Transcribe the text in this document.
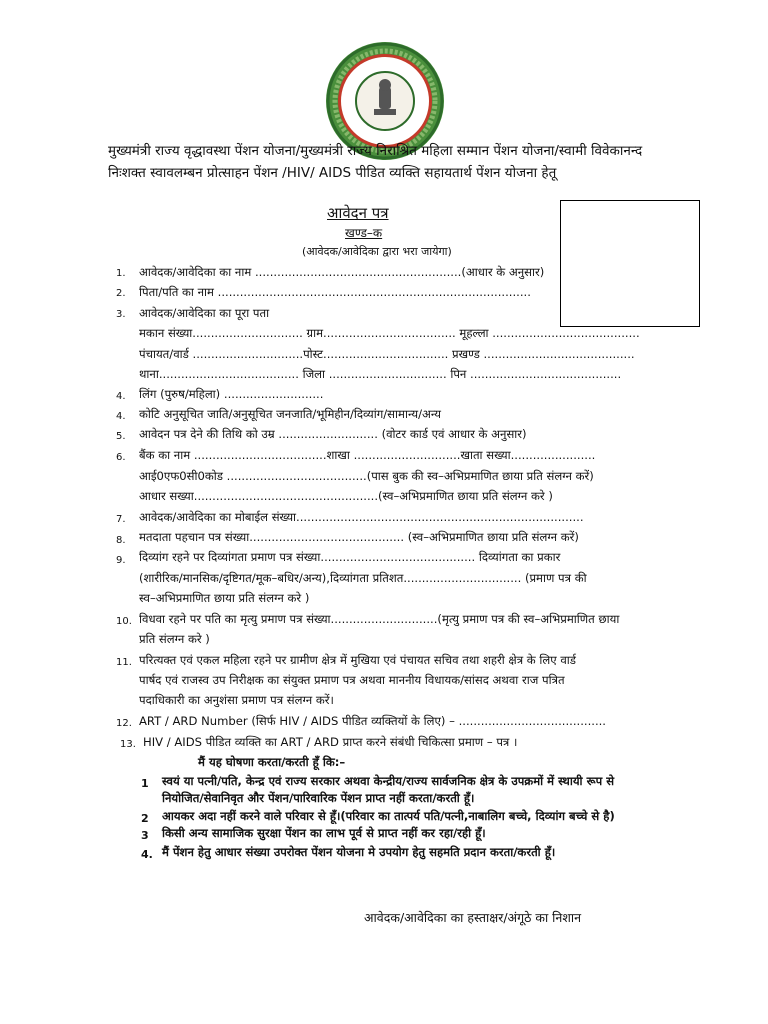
मुख्यमंत्री राज्य वृद्धावस्था पेंशन योजना/मुख्यमंत्री राज्य निराश्रित महिला सम्मान पेंशन योजना/स्वामी विवेकानन्द
निःशक्त स्वावलम्बन प्रोत्साहन पेंशन /HIV/ AIDS पीडित व्यक्ति सहायतार्थ पेंशन योजना हेतू
आवेदन पत्र
खण्ड–क
(आवेदक/आवेदिका द्वारा भरा जायेगा)
1. आवेदक/आवेदिका का नाम ........................................................(आधार के अनुसार)
2. पिता/पति का नाम .....................................................................................
3. आवेदक/आवेदिका का पूरा पता
मकान संख्या.............................. ग्राम.................................... मूहल्ला ........................................
पंचायत/वार्ड ..............................पोस्ट.................................. प्रखण्ड .........................................
थाना...................................... जिला ................................ पिन .........................................
4. लिंग (पुरुष/महिला) ...........................
4. कोटि अनुसूचित जाति/अनुसूचित जनजाति/भूमिहीन/दिव्यांग/सामान्य/अन्य
5. आवेदन पत्र देने की तिथि को उम्र ........................... (वोटर कार्ड एवं आधार के अनुसार)
6. बैंक का नाम ....................................शाखा .............................खाता सख्या.......................
आई0एफ0सी0कोड ......................................(पास बुक की स्व–अभिप्रमाणित छाया प्रति संलग्न करें)
आधार सख्या..................................................(स्व–अभिप्रमाणित छाया प्रति संलग्न करे )
7. आवेदक/आवेदिका का मोबाईल संख्या..............................................................................
8. मतदाता पहचान पत्र संख्या.......................................... (स्व–अभिप्रमाणित छाया प्रति संलग्न करें)
9. दिव्यांग रहने पर दिव्यांगता प्रमाण पत्र संख्या.......................................... दिव्यांगता का प्रकार
(शारीरिक/मानसिक/दृष्टिगत/मूक–बधिर/अन्य),दिव्यांगता प्रतिशत................................ (प्रमाण पत्र की
स्व–अभिप्रमाणित छाया प्रति संलग्न करे )
10. विधवा रहने पर पति का मृत्यु प्रमाण पत्र संख्या.............................(मृत्यु प्रमाण पत्र की स्व–अभिप्रमाणित छाया
प्रति संलग्न करे )
11. परित्यक्त एवं एकल महिला रहने पर ग्रामीण क्षेत्र में मुखिया एवं पंचायत सचिव तथा शहरी क्षेत्र के लिए वार्ड
पार्षद एवं राजस्व उप निरीक्षक का संयुक्त प्रमाण पत्र अथवा माननीय विधायक/सांसद अथवा राज पत्रित
पदाधिकारी का अनुशंसा प्रमाण पत्र संलग्न करें।
12. ART / ARD Number (सिर्फ HIV / AIDS पीडित व्यक्तियों के लिए) – ........................................
13. HIV / AIDS पीडित व्यक्ति का ART / ARD प्राप्त करने संबंधी चिकित्सा प्रमाण – पत्र ।
मैं यह घोषणा करता/करती हूँ कि:–
1 स्वयं या पत्नी/पति, केन्द्र एवं राज्य सरकार अथवा केन्द्रीय/राज्य सार्वजनिक क्षेत्र के उपक्रमों में स्थायी रूप से
नियोजित/सेवानिवृत और पेंशन/पारिवारिक पेंशन प्राप्त नहीं करता/करती हूँ।
2 आयकर अदा नहीं करने वाले परिवार से हूँ।(परिवार का तात्पर्य पति/पत्नी,नाबालिग बच्चे, दिव्यांग बच्चे से है)
3 किसी अन्य सामाजिक सुरक्षा पेंशन का लाभ पूर्व से प्राप्त नहीं कर रहा/रही हूँ।
4. मैं पेंशन हेतु आधार संख्या उपरोक्त पेंशन योजना मे उपयोग हेतु सहमति प्रदान करता/करती हूँ।
आवेदक/आवेदिका का हस्ताक्षर/अंगूठे का निशान
